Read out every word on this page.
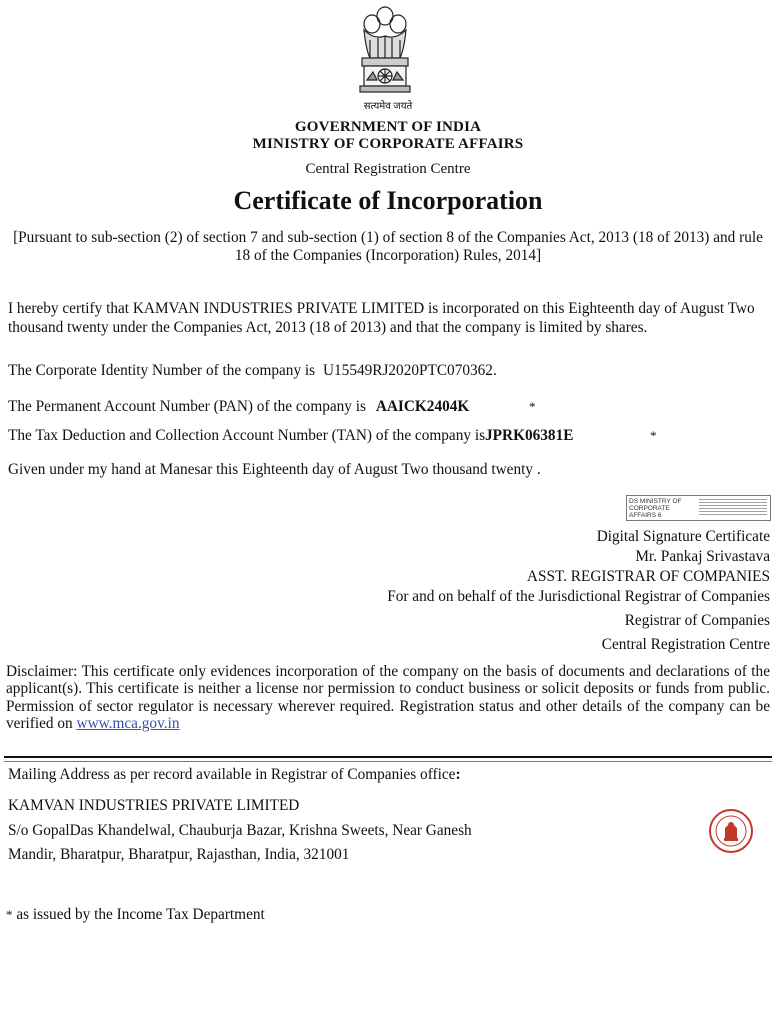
सत्यमेव जयते
GOVERNMENT OF INDIA
MINISTRY OF CORPORATE AFFAIRS
Central Registration Centre
Certificate of Incorporation
[Pursuant to sub-section (2) of section 7 and sub-section (1) of section 8 of the Companies Act, 2013 (18 of 2013) and rule 18 of the Companies (Incorporation) Rules, 2014]
I hereby certify that KAMVAN INDUSTRIES PRIVATE LIMITED is incorporated on this Eighteenth day of August Two thousand twenty under the Companies Act, 2013 (18 of 2013) and that the company is limited by shares.
The Corporate Identity Number of the company is U15549RJ2020PTC070362.
The Permanent Account Number (PAN) of the company is AAICK2404K	*
The Tax Deduction and Collection Account Number (TAN) of the company isJPRK06381E	*
Given under my hand at Manesar this Eighteenth day of August Two thousand twenty .
DS MINISTRY OF CORPORATE AFFAIRS 6
Digital Signature Certificate
Mr. Pankaj Srivastava
ASST. REGISTRAR OF COMPANIES
For and on behalf of the Jurisdictional Registrar of Companies
Registrar of Companies
Central Registration Centre
Disclaimer: This certificate only evidences incorporation of the company on the basis of documents and declarations of the applicant(s). This certificate is neither a license nor permission to conduct business or solicit deposits or funds from public. Permission of sector regulator is necessary wherever required. Registration status and other details of the company can be verified on www.mca.gov.in
Mailing Address as per record available in Registrar of Companies office:
KAMVAN INDUSTRIES PRIVATE LIMITED
S/o GopalDas Khandelwal, Chauburja Bazar, Krishna Sweets, Near Ganesh
Mandir, Bharatpur, Bharatpur, Rajasthan, India, 321001
* as issued by the Income Tax Department
